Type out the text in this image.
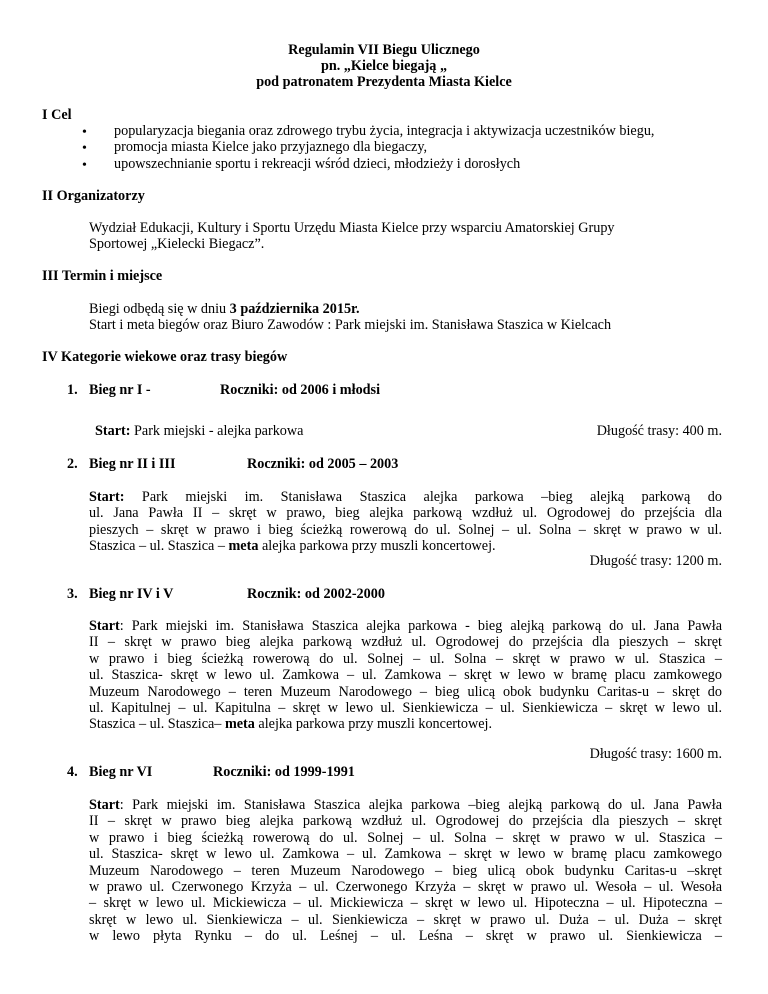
Regulamin VII Biegu Ulicznego
pn. „Kielce biegają „
pod patronatem Prezydenta Miasta Kielce
I Cel
•
popularyzacja biegania oraz zdrowego trybu życia, integracja i aktywizacja uczestników biegu,
•
promocja miasta Kielce jako przyjaznego dla biegaczy,
•
upowszechnianie sportu i rekreacji wśród dzieci, młodzieży i dorosłych
II Organizatorzy
Wydział Edukacji, Kultury i Sportu Urzędu Miasta Kielce przy wsparciu Amatorskiej Grupy
Sportowej „Kielecki Biegacz”.
III Termin i miejsce
Biegi odbędą się w dniu 3 października 2015r.
Start i meta biegów oraz Biuro Zawodów : Park miejski im. Stanisława Staszica w Kielcach
IV Kategorie wiekowe oraz trasy biegów
1. Bieg nr I -	Roczniki: od 2006 i młodsi
Start: Park miejski - alejka parkowa	Długość trasy: 400 m.
2. Bieg nr II i III	Roczniki: od 2005 – 2003
Start: Park miejski im. Stanisława Staszica alejka parkowa –bieg alejką parkową do
ul. Jana Pawła II – skręt w prawo, bieg alejka parkową wzdłuż ul. Ogrodowej do przejścia dla
pieszych – skręt w prawo i bieg ścieżką rowerową do ul. Solnej – ul. Solna – skręt w prawo w ul.
Staszica – ul. Staszica – meta alejka parkowa przy muszli koncertowej.
Długość trasy: 1200 m.
3. Bieg nr IV i V	Rocznik: od 2002-2000
Start: Park miejski im. Stanisława Staszica alejka parkowa - bieg alejką parkową do ul. Jana Pawła
II – skręt w prawo bieg alejka parkową wzdłuż ul. Ogrodowej do przejścia dla pieszych – skręt
w prawo i bieg ścieżką rowerową do ul. Solnej – ul. Solna – skręt w prawo w ul. Staszica –
ul. Staszica- skręt w lewo ul. Zamkowa – ul. Zamkowa – skręt w lewo w bramę placu zamkowego
Muzeum Narodowego – teren Muzeum Narodowego – bieg ulicą obok budynku Caritas-u – skręt do
ul. Kapitulnej – ul. Kapitulna – skręt w lewo ul. Sienkiewicza – ul. Sienkiewicza – skręt w lewo ul.
Staszica – ul. Staszica– meta alejka parkowa przy muszli koncertowej.
Długość trasy: 1600 m.
4. Bieg nr VI	Roczniki: od 1999-1991
Start: Park miejski im. Stanisława Staszica alejka parkowa –bieg alejką parkową do ul. Jana Pawła
II – skręt w prawo bieg alejka parkową wzdłuż ul. Ogrodowej do przejścia dla pieszych – skręt
w prawo i bieg ścieżką rowerową do ul. Solnej – ul. Solna – skręt w prawo w ul. Staszica –
ul. Staszica- skręt w lewo ul. Zamkowa – ul. Zamkowa – skręt w lewo w bramę placu zamkowego
Muzeum Narodowego – teren Muzeum Narodowego – bieg ulicą obok budynku Caritas-u –skręt
w prawo ul. Czerwonego Krzyża – ul. Czerwonego Krzyża – skręt w prawo ul. Wesoła – ul. Wesoła
– skręt w lewo ul. Mickiewicza – ul. Mickiewicza – skręt w lewo ul. Hipoteczna – ul. Hipoteczna –
skręt w lewo ul. Sienkiewicza – ul. Sienkiewicza – skręt w prawo ul. Duża – ul. Duża – skręt
w lewo płyta Rynku – do ul. Leśnej – ul. Leśna – skręt w prawo ul. Sienkiewicza –
